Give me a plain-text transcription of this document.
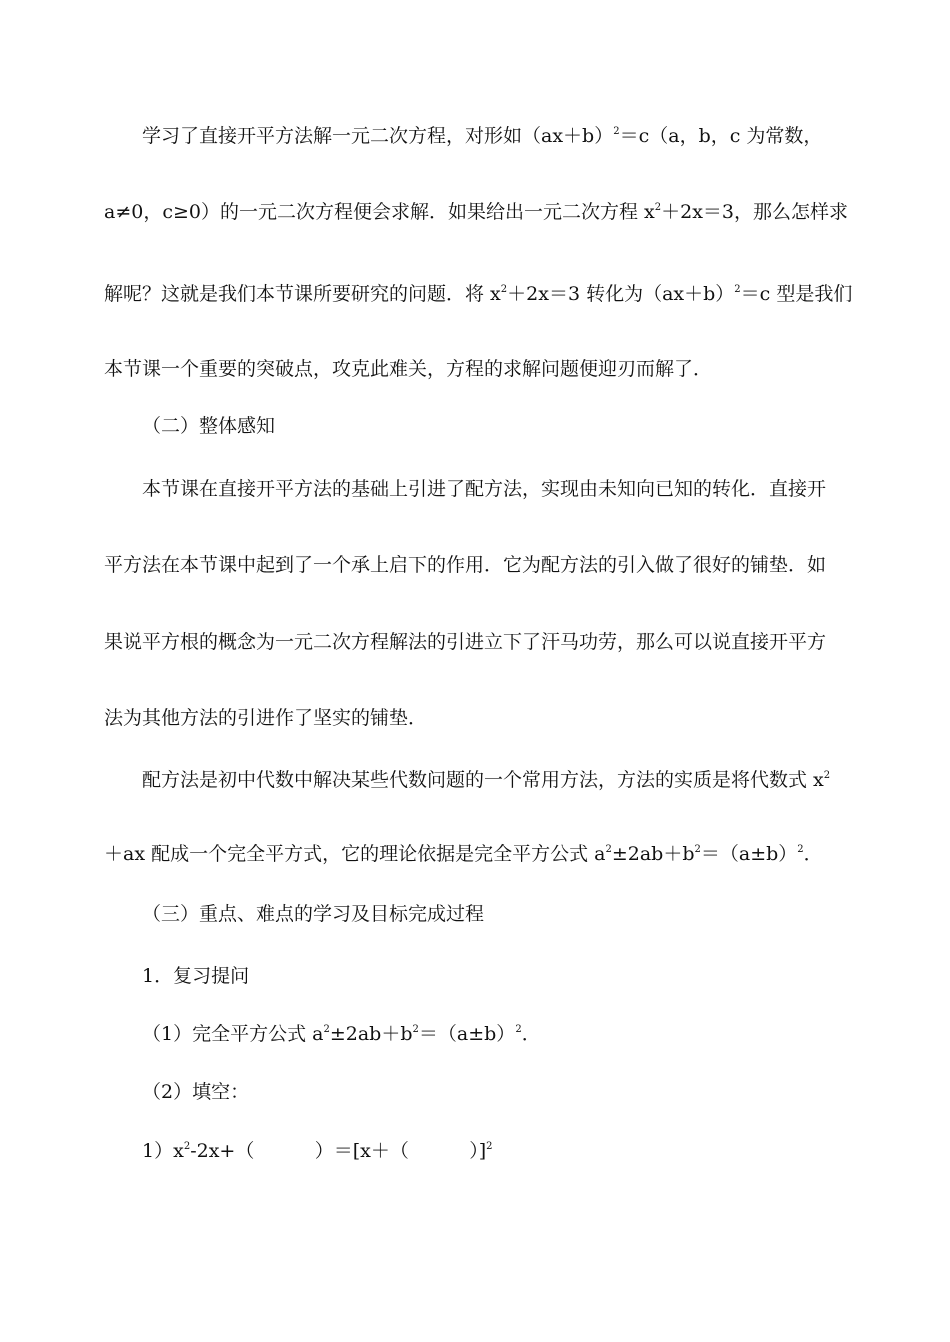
学习了直接开平方法解一元二次方程，对形如$(ax+b)^2=c(a$，b，c 为常数，
a≠0，c≥0）的一元二次方程便会求解．如果给出一元二次方程 $x^2+2x=3$，那么怎样求
解呢？这就是我们本节课所要研究的问题．将 $x^2+2x=3$ 转化为$(ax+b)^2=c$ 型是我们
本节课一个重要的突破点，攻克此难关，方程的求解问题便迎刃而解了．
（二）整体感知
本节课在直接开平方法的基础上引进了配方法，实现由未知向已知的转化．直接开
平方法在本节课中起到了一个承上启下的作用．它为配方法的引入做了很好的铺垫．如
果说平方根的概念为一元二次方程解法的引进立下了汗马功劳，那么可以说直接开平方
法为其他方法的引进作了坚实的铺垫．
配方法是初中代数中解决某些代数问题的一个常用方法，方法的实质是将代数式 $x^2$
＋ax 配成一个完全平方式，它的理论依据是完全平方公式 $a^2\pm 2ab+b^2=(a\pm b)^2$．
（三）重点、难点的学习及目标完成过程
1．复习提问
（1）完全平方公式 $a^2\pm 2ab+b^2=(a\pm b)^2$．
（2）填空：
$1)x^2-2x+$（          ）＝[x＋（          ）]$^2$
